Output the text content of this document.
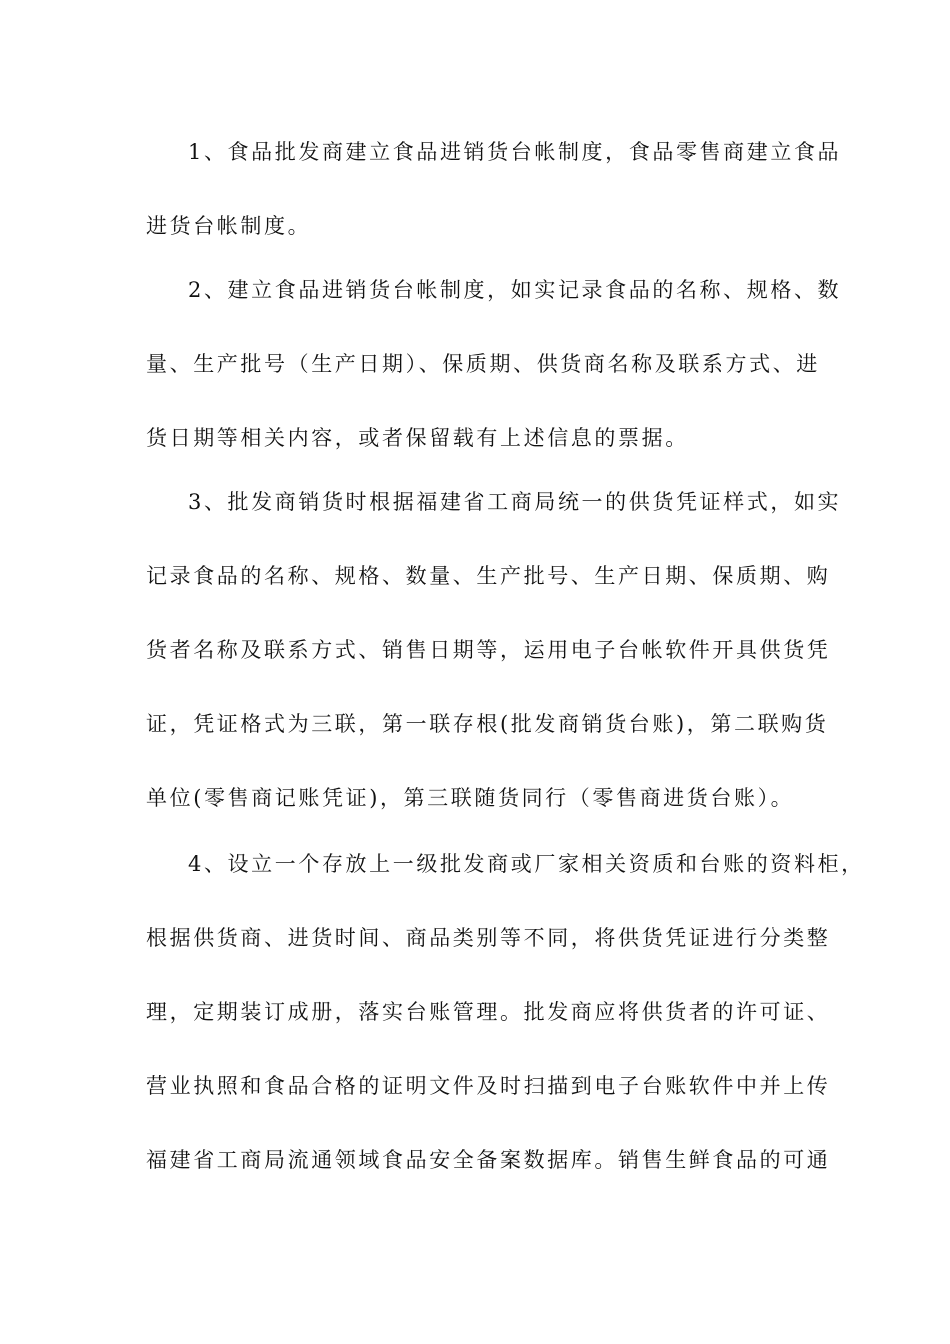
1、食品批发商建立食品进销货台帐制度，食品零售商建立食品
进货台帐制度。
2、建立食品进销货台帐制度，如实记录食品的名称、规格、数
量、生产批号（生产日期）、保质期、供货商名称及联系方式、进
货日期等相关内容，或者保留载有上述信息的票据。
3、批发商销货时根据福建省工商局统一的供货凭证样式，如实
记录食品的名称、规格、数量、生产批号、生产日期、保质期、购
货者名称及联系方式、销售日期等，运用电子台帐软件开具供货凭
证，凭证格式为三联，第一联存根(批发商销货台账)，第二联购货
单位(零售商记账凭证)，第三联随货同行（零售商进货台账）。
4、设立一个存放上一级批发商或厂家相关资质和台账的资料柜，
根据供货商、进货时间、商品类别等不同，将供货凭证进行分类整
理，定期装订成册，落实台账管理。批发商应将供货者的许可证、
营业执照和食品合格的证明文件及时扫描到电子台账软件中并上传
福建省工商局流通领域食品安全备案数据库。销售生鲜食品的可通
